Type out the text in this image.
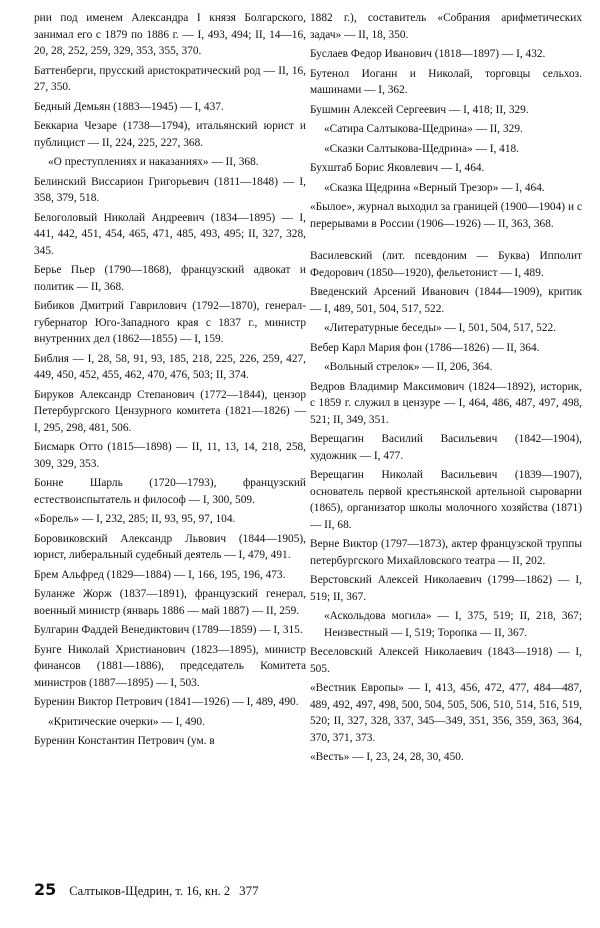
рии под именем Александра I князя Болгарского, занимал его с 1879 по 1886 г. — I, 493, 494; II, 14—16, 20, 28, 252, 259, 329, 353, 355, 370.

Баттенберги, прусский аристократический род — II, 16, 27, 350.

Бедный Демьян (1883—1945) — I, 437.

Беккариа Чезаре (1738—1794), итальянский юрист и публицист — II, 224, 225, 227, 368.

«О преступлениях и наказаниях» — II, 368.

Белинский Виссарион Григорьевич (1811—1848) — I, 358, 379, 518.

Белоголовый Николай Андреевич (1834—1895) — I, 441, 442, 451, 454, 465, 471, 485, 493, 495; II, 327, 328, 345.

Берье Пьер (1790—1868), французский адвокат и политик — II, 368.

Бибиков Дмитрий Гаврилович (1792—1870), генерал-губернатор Юго-Западного края с 1837 г., министр внутренних дел (1862—1855) — I, 159.

Библия — I, 28, 58, 91, 93, 185, 218, 225, 226, 259, 427, 449, 450, 452, 455, 462, 470, 476, 503; II, 374.

Бируков Александр Степанович (1772—1844), цензор Петербургского Цензурного комитета (1821—1826) — I, 295, 298, 481, 506.

Бисмарк Отто (1815—1898) — II, 11, 13, 14, 218, 258, 309, 329, 353.

Бонне Шарль (1720—1793), французский естествоиспытатель и философ — I, 300, 509.

«Борель» — I, 232, 285; II, 93, 95, 97, 104.

Боровиковский Александр Львович (1844—1905), юрист, либеральный судебный деятель — I, 479, 491.

Брем Альфред (1829—1884) — I, 166, 195, 196, 473.

Буланже Жорж (1837—1891), французский генерал, военный министр (январь 1886 — май 1887) — II, 259.

Булгарин Фаддей Венедиктович (1789—1859) — I, 315.

Бунге Николай Христианович (1823—1895), министр финансов (1881—1886), председатель Комитета министров (1887—1895) — I, 503.

Буренин Виктор Петрович (1841—1926) — I, 489, 490.

«Критические очерки» — I, 490.

Буренин Константин Петрович (ум. в

1882 г.), составитель «Собрания арифметических задач» — II, 18, 350.

Буслаев Федор Иванович (1818—1897) — I, 432.

Бутенол Иоганн и Николай, торговцы сельхоз. машинами — I, 362.

Бушмин Алексей Сергеевич — I, 418; II, 329.

«Сатира Салтыкова-Щедрина» — II, 329.

«Сказки Салтыкова-Щедрина» — I, 418.

Бухштаб Борис Яковлевич — I, 464.

«Сказка Щедрина «Верный Трезор» — I, 464.

«Былое», журнал выходил за границей (1900—1904) и с перерывами в России (1906—1926) — II, 363, 368.

Василевский (лит. псевдоним — Буква) Ипполит Федорович (1850—1920), фельетонист — I, 489.

Введенский Арсений Иванович (1844—1909), критик — I, 489, 501, 504, 517, 522.

«Литературные беседы» — I, 501, 504, 517, 522.

Вебер Карл Мария фон (1786—1826) — II, 364.

«Вольный стрелок» — II, 206, 364.

Ведров Владимир Максимович (1824—1892), историк, с 1859 г. служил в цензуре — I, 464, 486, 487, 497, 498, 521; II, 349, 351.

Верещагин Василий Васильевич (1842—1904), художник — I, 477.

Верещагин Николай Васильевич (1839—1907), основатель первой крестьянской артельной сыроварни (1865), организатор школы молочного хозяйства (1871) — II, 68.

Верне Виктор (1797—1873), актер французской труппы петербургского Михайловского театра — II, 202.

Верстовский Алексей Николаевич (1799—1862) — I, 519; II, 367.

«Аскольдова могила» — I, 375, 519; II, 218, 367; Неизвестный — I, 519; Торопка — II, 367.

Веселовский Алексей Николаевич (1843—1918) — I, 505.

«Вестник Европы» — I, 413, 456, 472, 477, 484—487, 489, 492, 497, 498, 500, 504, 505, 506, 510, 514, 516, 519, 520; II, 327, 328, 337, 345—349, 351, 356, 359, 363, 364, 370, 371, 373.

«Весть» — I, 23, 24, 28, 30, 450.

25 Салтыков-Щедрин, т. 16, кн. 2 377
